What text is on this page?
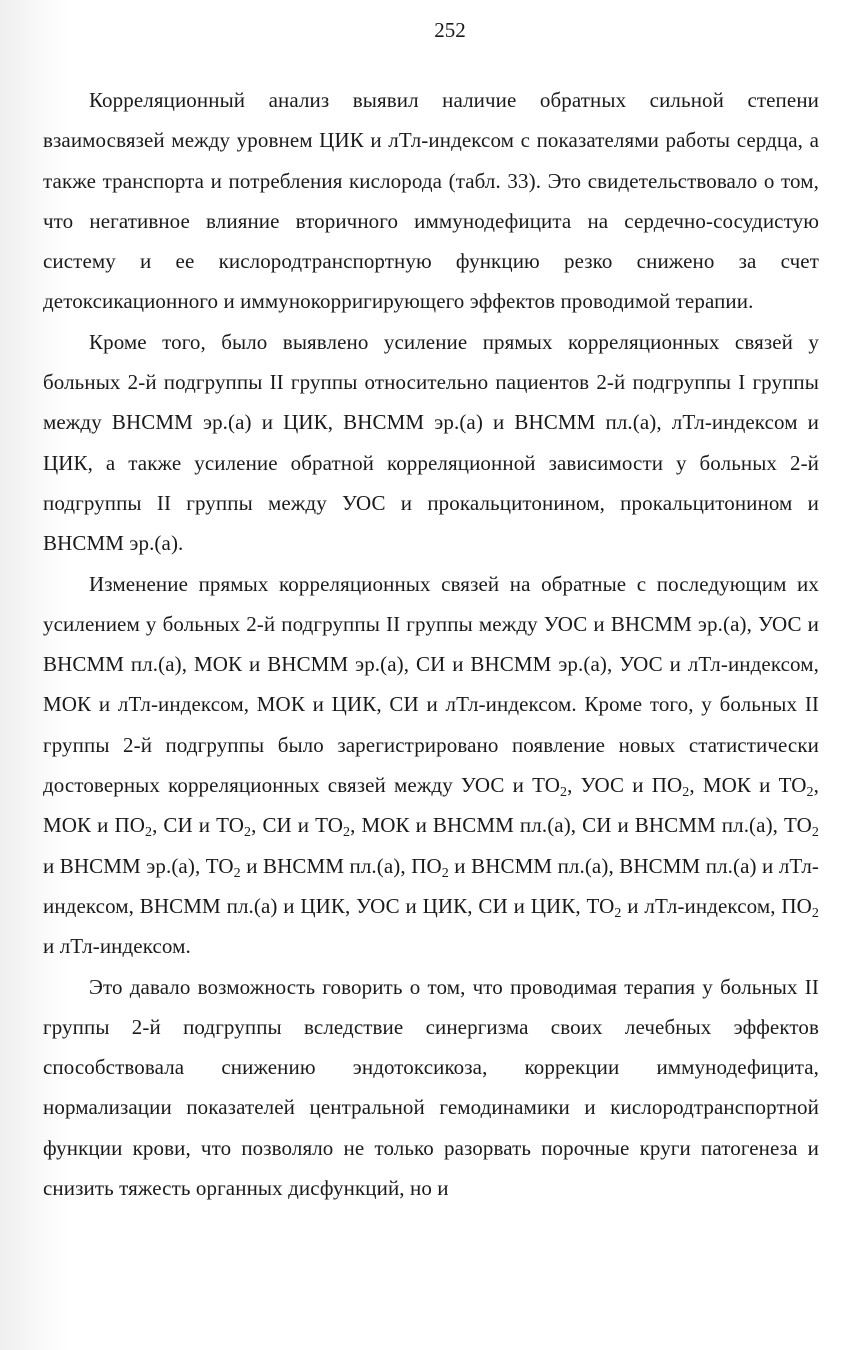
252

Корреляционный анализ выявил наличие обратных сильной степени взаимосвязей между уровнем ЦИК и лТл-индексом с показателями работы сердца, а также транспорта и потребления кислорода (табл. 33). Это свидетельствовало о том, что негативное влияние вторичного иммунодефицита на сердечно-сосудистую систему и ее кислородтранспортную функцию резко снижено за счет детоксикационного и иммунокорригирующего эффектов проводимой терапии.

Кроме того, было выявлено усиление прямых корреляционных связей у больных 2-й подгруппы II группы относительно пациентов 2-й подгруппы I группы между ВНСММ эр.(а) и ЦИК, ВНСММ эр.(а) и ВНСММ пл.(а), лТл-индексом и ЦИК, а также усиление обратной корреляционной зависимости у больных 2-й подгруппы II группы между УОС и прокальцитонином, прокальцитонином и ВНСММ эр.(а).

Изменение прямых корреляционных связей на обратные с последующим их усилением у больных 2-й подгруппы II группы между УОС и ВНСММ эр.(а), УОС и ВНСММ пл.(а), МОК и ВНСММ эр.(а), СИ и ВНСММ эр.(а), УОС и лТл-индексом, МОК и лТл-индексом, МОК и ЦИК, СИ и лТл-индексом. Кроме того, у больных II группы 2-й подгруппы было зарегистрировано появление новых статистически достоверных корреляционных связей между УОС и $ТО_2$, УОС и $ПО_2$, МОК и $ТО_2$, МОК и $ПО_2$, СИ и $ТО_2$, СИ и $ТО_2$, МОК и ВНСММ пл.(а), СИ и ВНСММ пл.(а), $ТО_2$ и ВНСММ эр.(а), $ТО_2$ и ВНСММ пл.(а), $ПО_2$ и ВНСММ пл.(а), ВНСММ пл.(а) и лТл-индексом, ВНСММ пл.(а) и ЦИК, УОС и ЦИК, СИ и ЦИК, $ТО_2$ и лТл-индексом, $ПО_2$ и лТл-индексом.

Это давало возможность говорить о том, что проводимая терапия у больных II группы 2-й подгруппы вследствие синергизма своих лечебных эффектов способствовала снижению эндотоксикоза, коррекции иммунодефицита, нормализации показателей центральной гемодинамики и кислородтранспортной функции крови, что позволяло не только разорвать порочные круги патогенеза и снизить тяжесть органных дисфункций, но и
